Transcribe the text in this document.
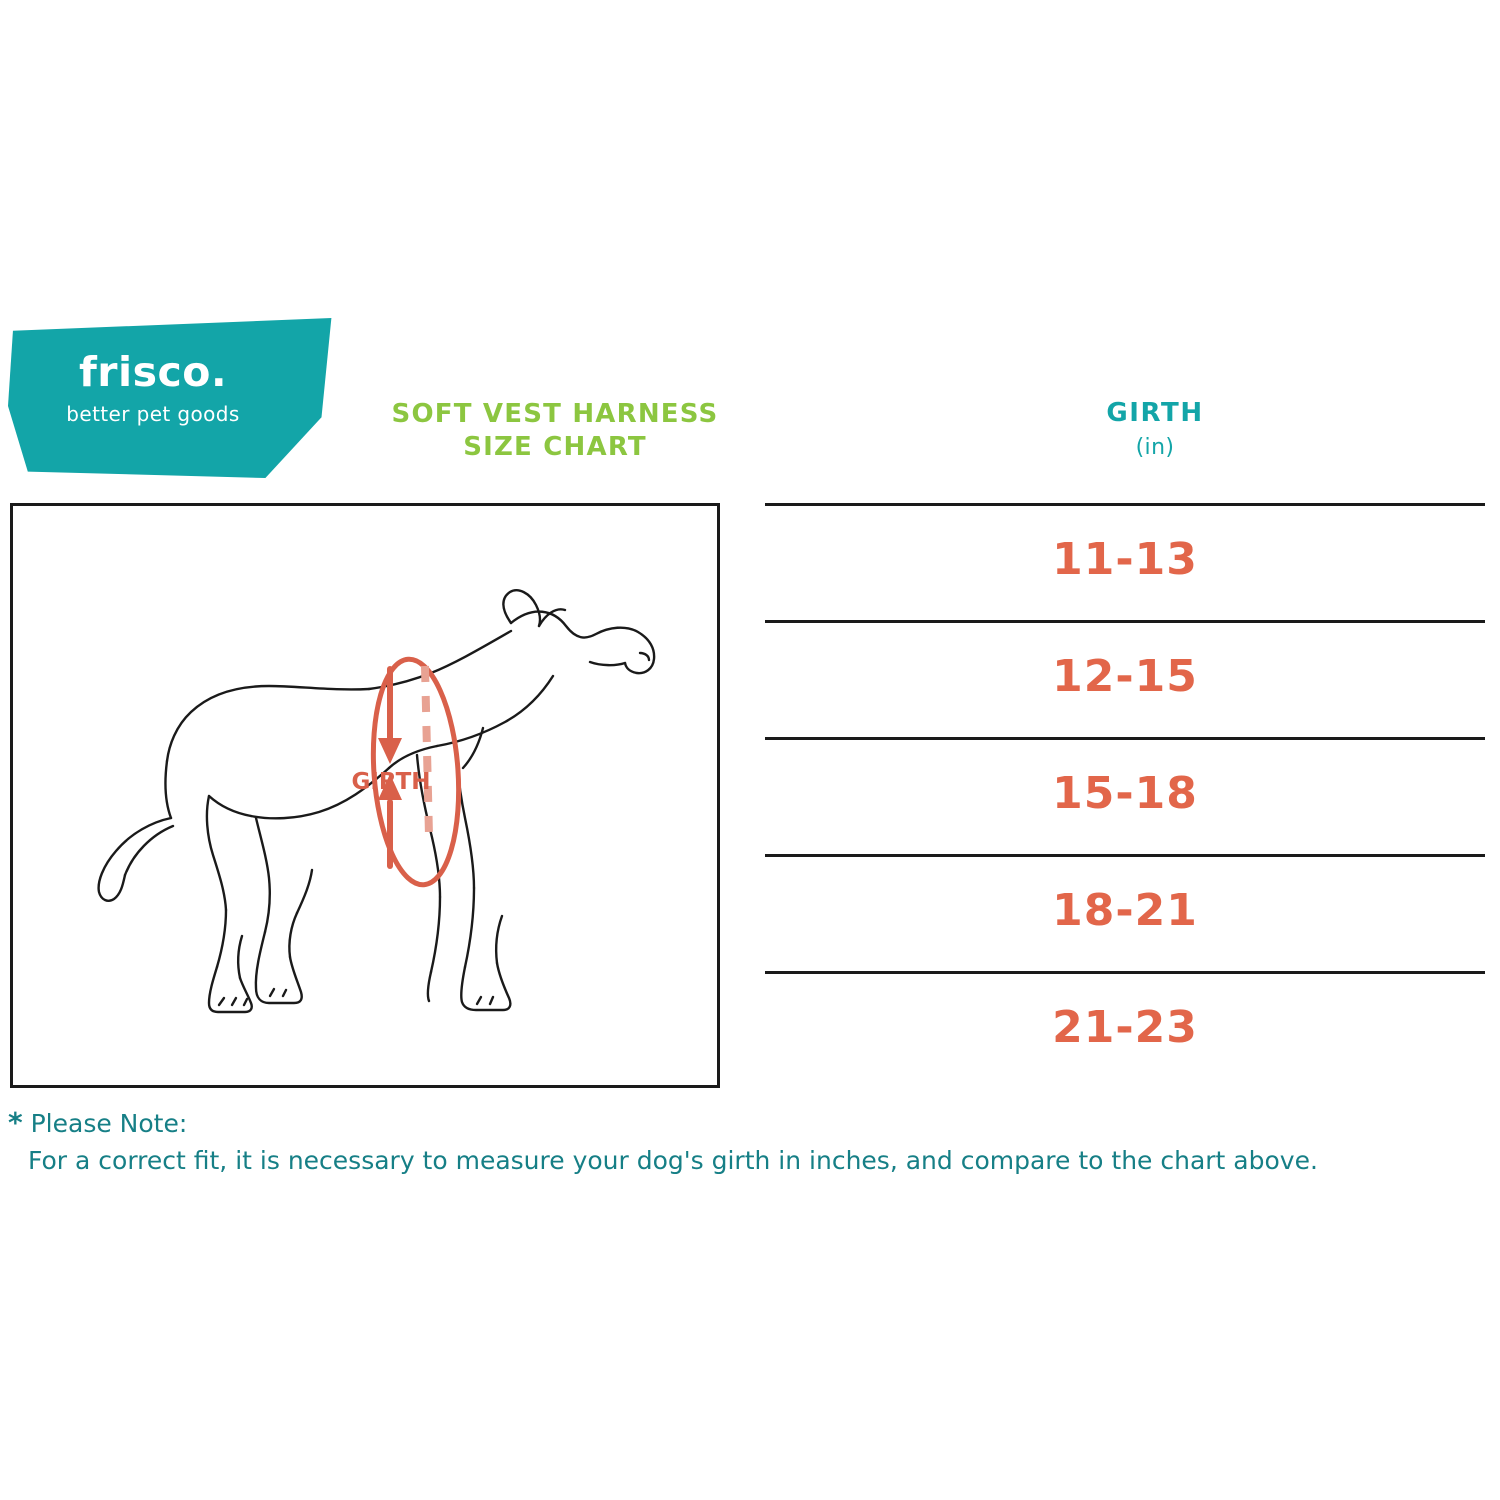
frisco.
better pet goods	SOFT VEST HARNESS
SIZE CHART
GIRTH
(in)
GIRTH
11-13
12-15
15-18
18-21
21-23
* Please Note:
For a correct fit, it is necessary to measure your dog's girth in inches, and compare to the chart above.
